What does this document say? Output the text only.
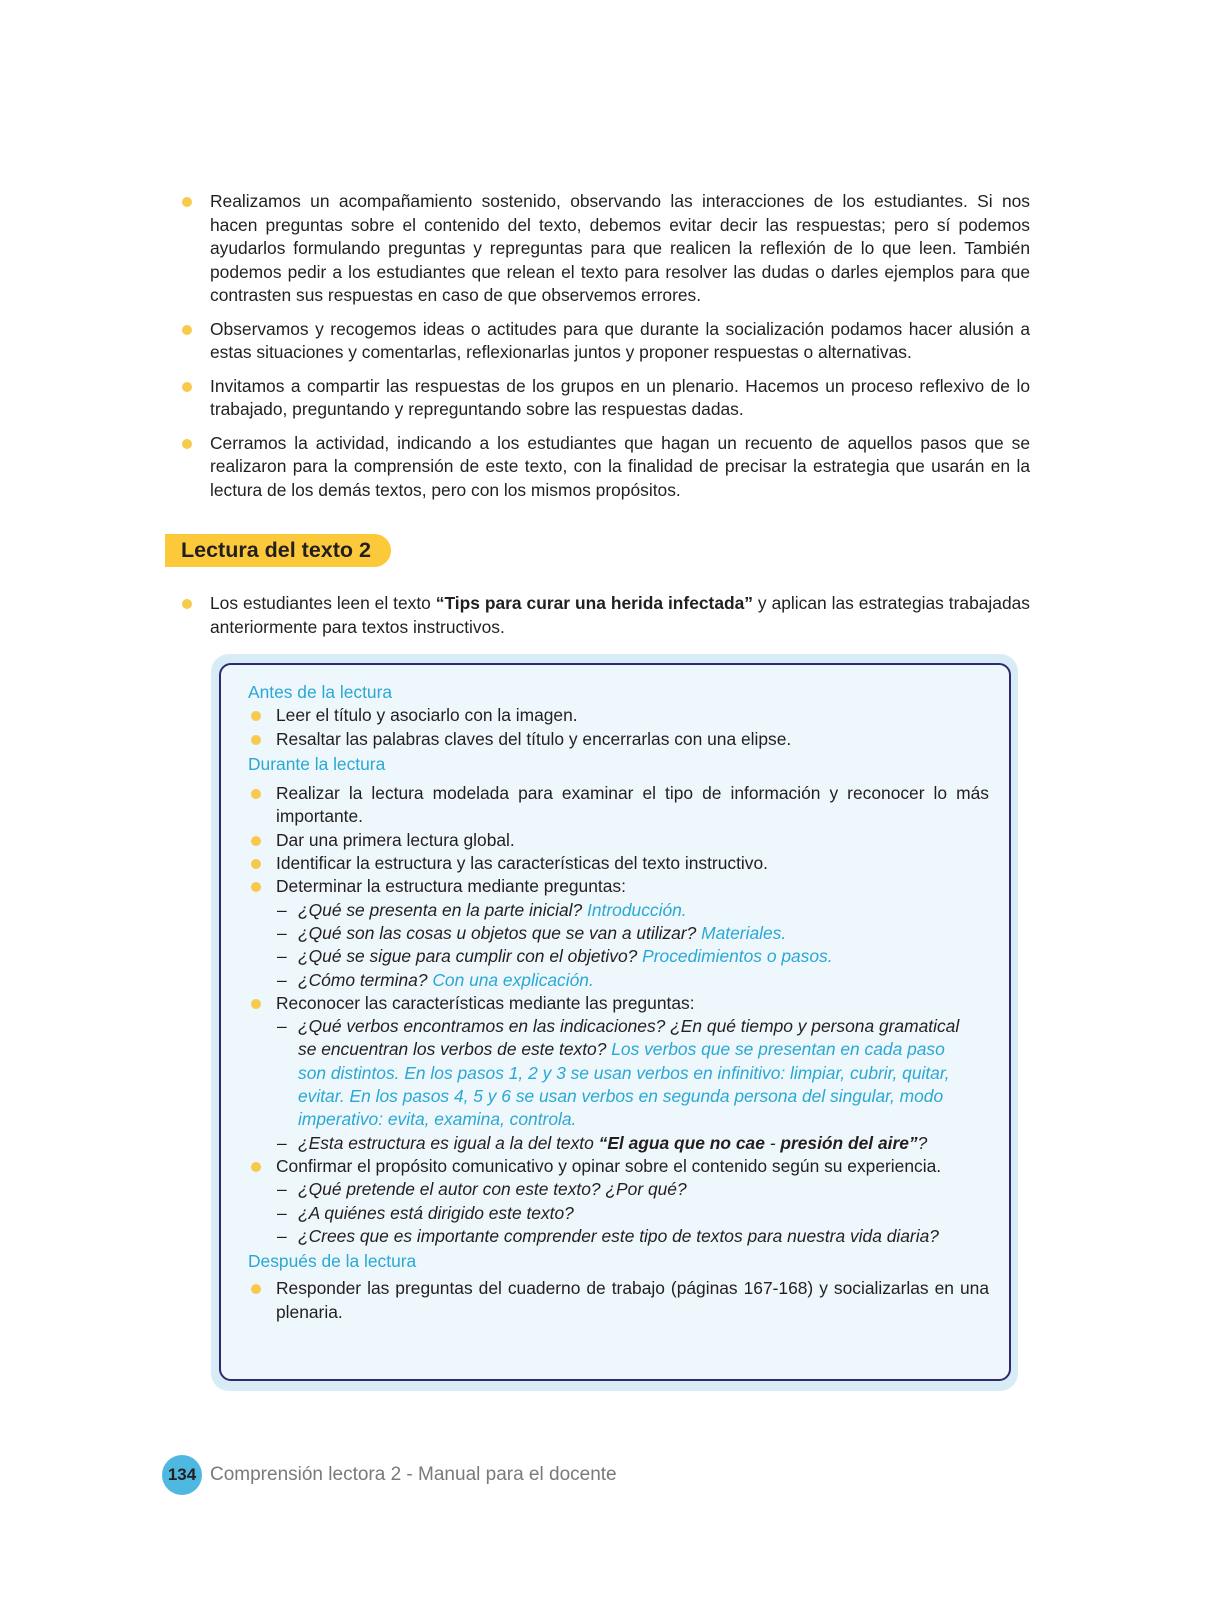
Realizamos un acompañamiento sostenido, observando las interacciones de los estudiantes. Si nos hacen preguntas sobre el contenido del texto, debemos evitar decir las respuestas; pero sí podemos ayudarlos formulando preguntas y repreguntas para que realicen la reflexión de lo que leen. También podemos pedir a los estudiantes que relean el texto para resolver las dudas o darles ejemplos para que contrasten sus respuestas en caso de que observemos errores.
Observamos y recogemos ideas o actitudes para que durante la socialización podamos hacer alusión a estas situaciones y comentarlas, reflexionarlas juntos y proponer respuestas o alternativas.
Invitamos a compartir las respuestas de los grupos en un plenario. Hacemos un proceso reflexivo de lo trabajado, preguntando y repreguntando sobre las respuestas dadas.
Cerramos la actividad, indicando a los estudiantes que hagan un recuento de aquellos pasos que se realizaron para la comprensión de este texto, con la finalidad de precisar la estrategia que usarán en la lectura de los demás textos, pero con los mismos propósitos.
Lectura del texto 2
Los estudiantes leen el texto “Tips para curar una herida infectada” y aplican las estrategias trabajadas anteriormente para textos instructivos.

Antes de la lectura

Leer el título y asociarlo con la imagen.
Resaltar las palabras claves del título y encerrarlas con una elipse.

Durante la lectura

Realizar la lectura modelada para examinar el tipo de información y reconocer lo más importante.
Dar una primera lectura global.
Identificar la estructura y las características del texto instructivo.
Determinar la estructura mediante preguntas:
– ¿Qué se presenta en la parte inicial? Introducción.
– ¿Qué son las cosas u objetos que se van a utilizar? Materiales.
– ¿Qué se sigue para cumplir con el objetivo? Procedimientos o pasos.
– ¿Cómo termina? Con una explicación.
Reconocer las características mediante las preguntas:
– ¿Qué verbos encontramos en las indicaciones? ¿En qué tiempo y persona gramatical se encuentran los verbos de este texto? Los verbos que se presentan en cada paso son distintos. En los pasos 1, 2 y 3 se usan verbos en infinitivo: limpiar, cubrir, quitar, evitar. En los pasos 4, 5 y 6 se usan verbos en segunda persona del singular, modo imperativo: evita, examina, controla.
– ¿Esta estructura es igual a la del texto “El agua que no cae - presión del aire”?
Confirmar el propósito comunicativo y opinar sobre el contenido según su experiencia.
– ¿Qué pretende el autor con este texto? ¿Por qué?
– ¿A quiénes está dirigido este texto?
– ¿Crees que es importante comprender este tipo de textos para nuestra vida diaria?

Después de la lectura

Responder las preguntas del cuaderno de trabajo (páginas 167-168) y socializarlas en una plenaria.
134 Comprensión lectora 2 - Manual para el docente
